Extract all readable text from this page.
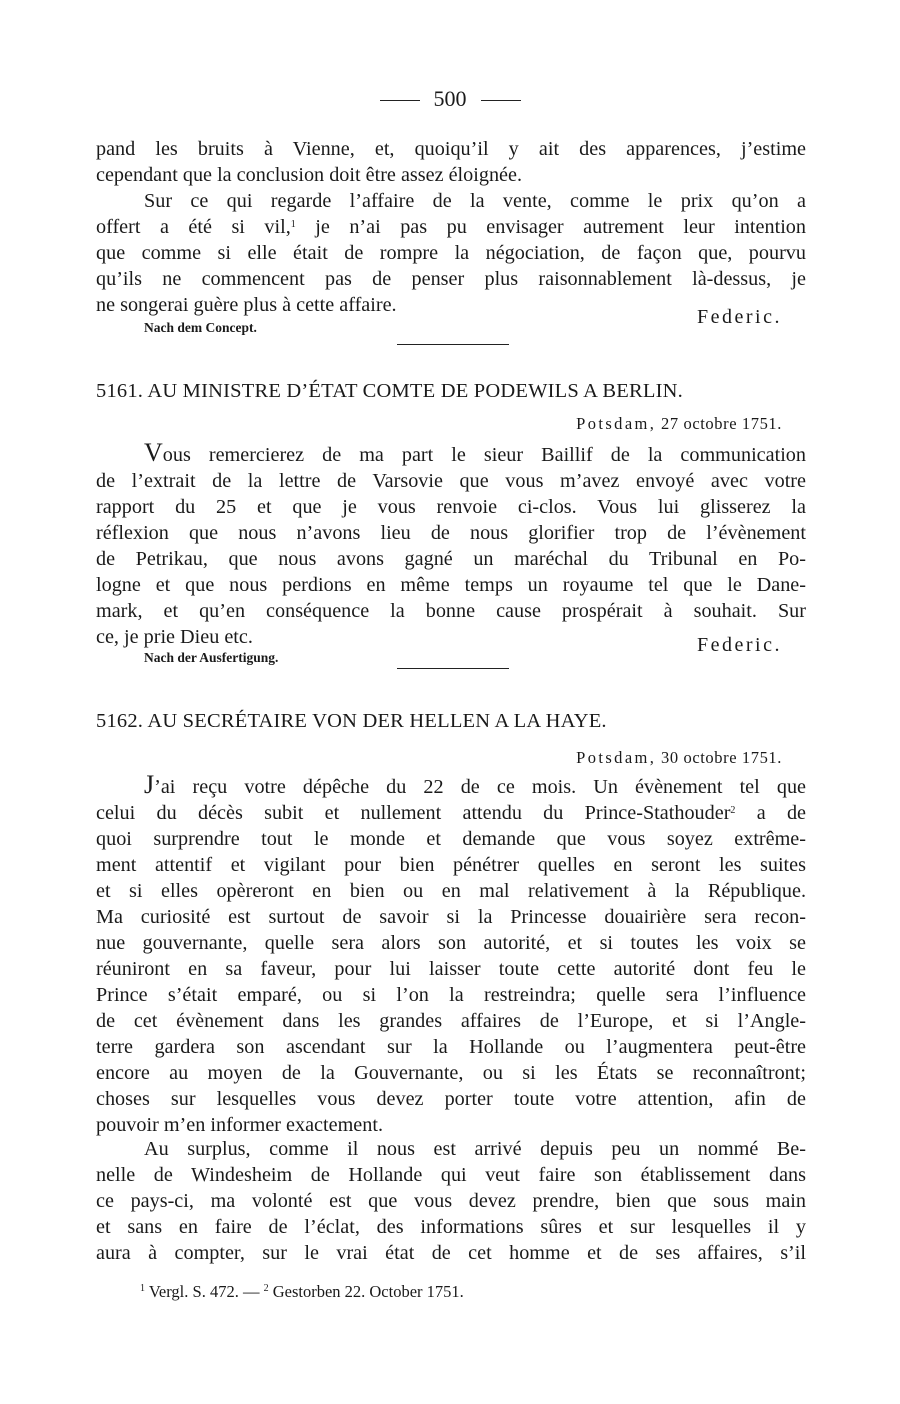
500
pand les bruits à Vienne, et, quoiqu’il y ait des apparences, j’estime
cependant que la conclusion doit être assez éloignée.
Sur ce qui regarde l’affaire de la vente, comme le prix qu’on a
offert a été si vil,$^1$ je n’ai pas pu envisager autrement leur intention
que comme si elle était de rompre la négociation, de façon que, pourvu
qu’ils ne commencent pas de penser plus raisonnablement là-dessus, je
ne songerai guère plus à cette affaire.
Nach dem Concept.	Federic.
5161. AU MINISTRE D’ÉTAT COMTE DE PODEWILS A BERLIN.
Potsdam, 27 octobre 1751.
Vous remercierez de ma part le sieur Baillif de la communication
de l’extrait de la lettre de Varsovie que vous m’avez envoyé avec votre
rapport du 25 et que je vous renvoie ci-clos. Vous lui glisserez la
réflexion que nous n’avons lieu de nous glorifier trop de l’évènement
de Petrikau, que nous avons gagné un maréchal du Tribunal en Po-
logne et que nous perdions en même temps un royaume tel que le Dane-
mark, et qu’en conséquence la bonne cause prospérait à souhait. Sur
ce, je prie Dieu etc.
Nach der Ausfertigung.
Federic.
5162. AU SECRÉTAIRE VON DER HELLEN A LA HAYE.
Potsdam, 30 octobre 1751.
J’ai reçu votre dépêche du 22 de ce mois. Un évènement tel que
celui du décès subit et nullement attendu du Prince-Stathouder$^2$ a de
quoi surprendre tout le monde et demande que vous soyez extrême-
ment attentif et vigilant pour bien pénétrer quelles en seront les suites
et si elles opèreront en bien ou en mal relativement à la République.
Ma curiosité est surtout de savoir si la Princesse douairière sera recon-
nue gouvernante, quelle sera alors son autorité, et si toutes les voix se
réuniront en sa faveur, pour lui laisser toute cette autorité dont feu le
Prince s’était emparé, ou si l’on la restreindra; quelle sera l’influence
de cet évènement dans les grandes affaires de l’Europe, et si l’Angle-
terre gardera son ascendant sur la Hollande ou l’augmentera peut-être
encore au moyen de la Gouvernante, ou si les États se reconnaîtront;
choses sur lesquelles vous devez porter toute votre attention, afin de
pouvoir m’en informer exactement.
Au surplus, comme il nous est arrivé depuis peu un nommé Be-
nelle de Windesheim de Hollande qui veut faire son établissement dans
ce pays-ci, ma volonté est que vous devez prendre, bien que sous main
et sans en faire de l’éclat, des informations sûres et sur lesquelles il y
aura à compter, sur le vrai état de cet homme et de ses affaires, s’il
$^1$ Vergl. S. 472. — $^2$ Gestorben 22. October 1751.
